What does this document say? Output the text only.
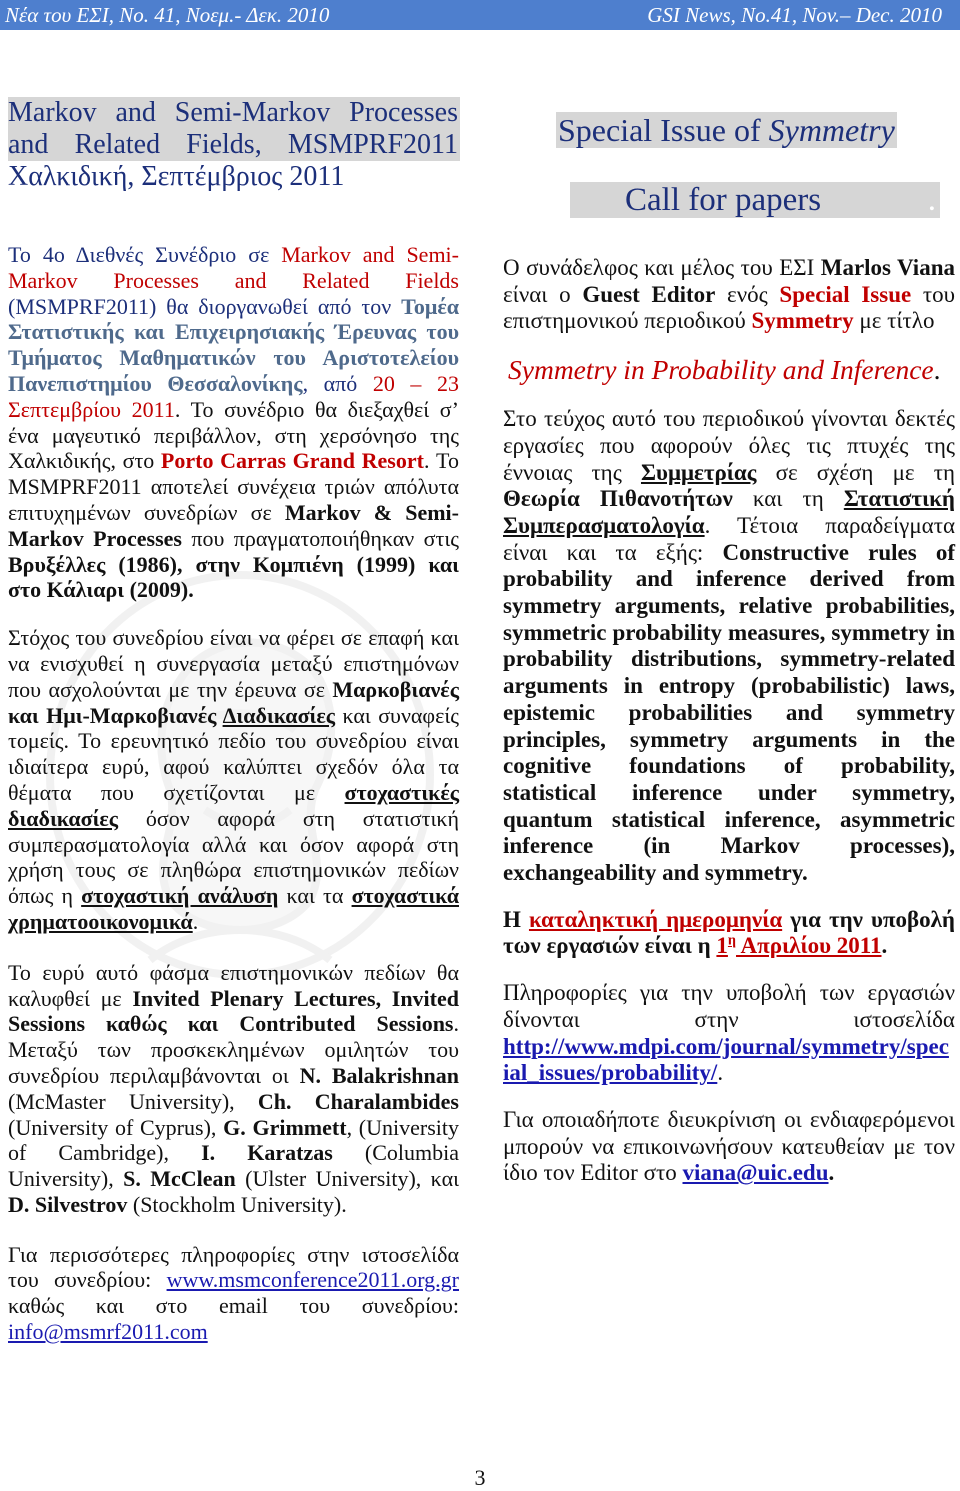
Νέα του ΕΣΙ, Νο. 41, Νοεμ.- Δεκ. 2010	GSI News, No.41, Nov.– Dec. 2010
Markov and Semi-Markov Processes
and Related Fields, MSMPRF2011
Χαλκιδική, Σεπτέμβριος 2011

Το 4ο Διεθνές Συνέδριο σε Markov and Semi-Markov Processes and Related Fields (MSMPRF2011) θα διοργανωθεί από τον Τομέα Στατιστικής και Επιχειρησιακής Έρευνας του Τμήματος Μαθηματικών του Αριστοτελείου Πανεπιστημίου Θεσσαλονίκης, από 20 – 23 Σεπτεμβρίου 2011. Το συνέδριο θα διεξαχθεί σ’ ένα μαγευτικό περιβάλλον, στη χερσόνησο της Χαλκιδικής, στο Porto Carras Grand Resort. Το MSMPRF2011 αποτελεί συνέχεια τριών απόλυτα επιτυχημένων συνεδρίων σε Markov & Semi-Markov Processes που πραγματοποιήθηκαν στις Βρυξέλλες (1986), στην Κομπιένη (1999) και στο Κάλιαρι (2009).

Στόχος του συνεδρίου είναι να φέρει σε επαφή και να ενισχυθεί η συνεργασία μεταξύ επιστημόνων που ασχολούνται με την έρευνα σε Μαρκοβιανές και Ημι-Μαρκοβιανές Διαδικασίες και συναφείς τομείς. Το ερευνητικό πεδίο του συνεδρίου είναι ιδιαίτερα ευρύ, αφού καλύπτει σχεδόν όλα τα θέματα που σχετίζονται με στοχαστικές διαδικασίες όσον αφορά στη στατιστική συμπερασματολογία αλλά και όσον αφορά στη χρήση τους σε πληθώρα επιστημονικών πεδίων όπως η στοχαστική ανάλυση και τα στοχαστικά χρηματοοικονομικά.

Το ευρύ αυτό φάσμα επιστημονικών πεδίων θα καλυφθεί με Invited Plenary Lectures, Invited Sessions καθώς και Contributed Sessions. Μεταξύ των προσκεκλημένων ομιλητών του συνεδρίου περιλαμβάνονται οι N. Balakrishnan (McMaster University), Ch. Charalambides (University of Cyprus), G. Grimmett, (University of Cambridge), I. Karatzas (Columbia University), S. McClean (Ulster University), και D. Silvestrov (Stockholm University).

Για περισσότερες πληροφορίες στην ιστοσελίδα του συνεδρίου: www.msmconference2011.org.gr καθώς και στο email του συνεδρίου: info@msmrf2011.com

Special Issue of Symmetry
Call for papers	.

Ο συνάδελφος και μέλος του ΕΣΙ Marlos Viana είναι ο Guest Editor ενός Special Issue του επιστημονικού περιοδικού Symmetry με τίτλο

Symmetry in Probability and Inference.

Στο τεύχος αυτό του περιοδικού γίνονται δεκτές εργασίες που αφορούν όλες τις πτυχές της έννοιας της Συμμετρίας σε σχέση με τη Θεωρία Πιθανοτήτων και τη Στατιστική Συμπερασματολογία. Τέτοια παραδείγματα είναι και τα εξής: Constructive rules of probability and inference derived from symmetry arguments, relative probabilities, symmetric probability measures, symmetry in probability distributions, symmetry-related arguments in entropy (probabilistic) laws, epistemic probabilities and symmetry principles, symmetry arguments in the cognitive foundations of probability, statistical inference under symmetry, quantum statistical inference, asymmetric inference (in Markov processes), exchangeability and symmetry.

Η καταληκτική ημερομηνία για την υποβολή των εργασιών είναι η $1^\eta$ Απριλίου 2011.

Πληροφορίες για την υποβολή των εργασιών δίνονται στην ιστοσελίδα http://www.mdpi.com/journal/symmetry/special_issues/probability/.

Για οποιαδήποτε διευκρίνιση οι ενδιαφερόμενοι μπορούν να επικοινωνήσουν κατευθείαν με τον ίδιο τον Editor στο viana@uic.edu.

3
